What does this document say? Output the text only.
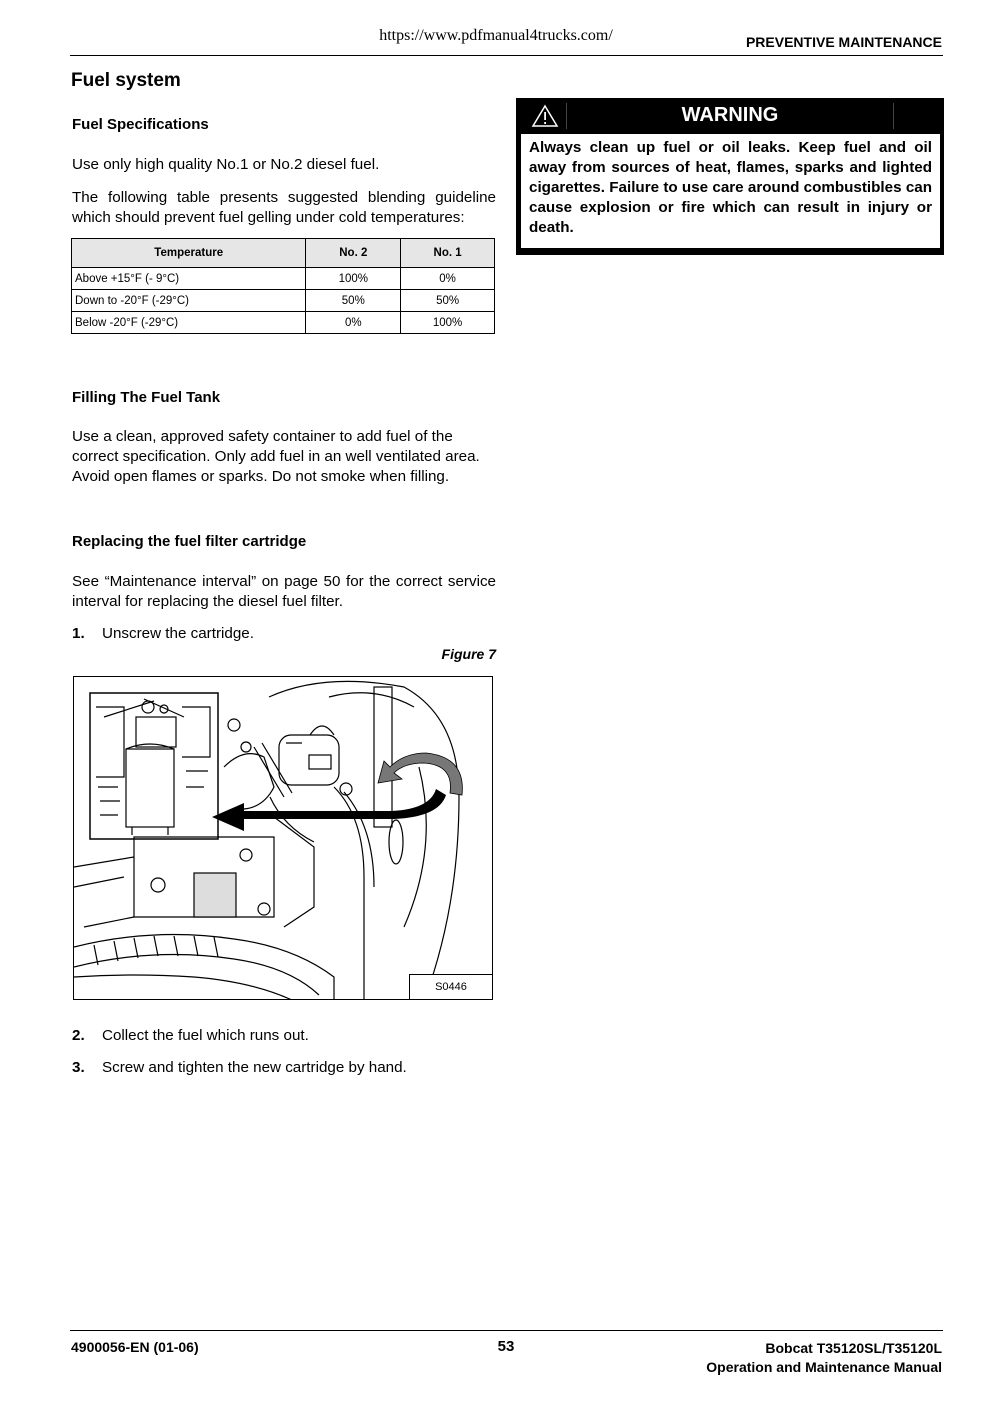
https://www.pdfmanual4trucks.com/	PREVENTIVE MAINTENANCE
Fuel system
Fuel Specifications

Use only high quality No.1 or No.2 diesel fuel.

The following table presents suggested blending guideline which should prevent fuel gelling under cold temperatures:

Temperature	No. 2	No. 1
Above +15°F (- 9°C)	100%	0%
Down to -20°F (-29°C)	50%	50%
Below -20°F (-29°C)	0%	100%
Filling The Fuel Tank

Use a clean, approved safety container to add fuel of the correct specification. Only add fuel in an well ventilated area. Avoid open flames or sparks. Do not smoke when filling.

Replacing the fuel filter cartridge

See “Maintenance interval” on page 50 for the correct service interval for replacing the diesel fuel filter.

1. Unscrew the cartridge.
Figure 7
S0446
2. Collect the fuel which runs out.
3. Screw and tighten the new cartridge by hand.
WARNING
Always clean up fuel or oil leaks. Keep fuel and oil away from sources of heat, flames, sparks and lighted cigarettes. Failure to use care around combustibles can cause explosion or fire which can result in injury or death.
4900056-EN (01-06)	53	Bobcat T35120SL/T35120L
Operation and Maintenance Manual
